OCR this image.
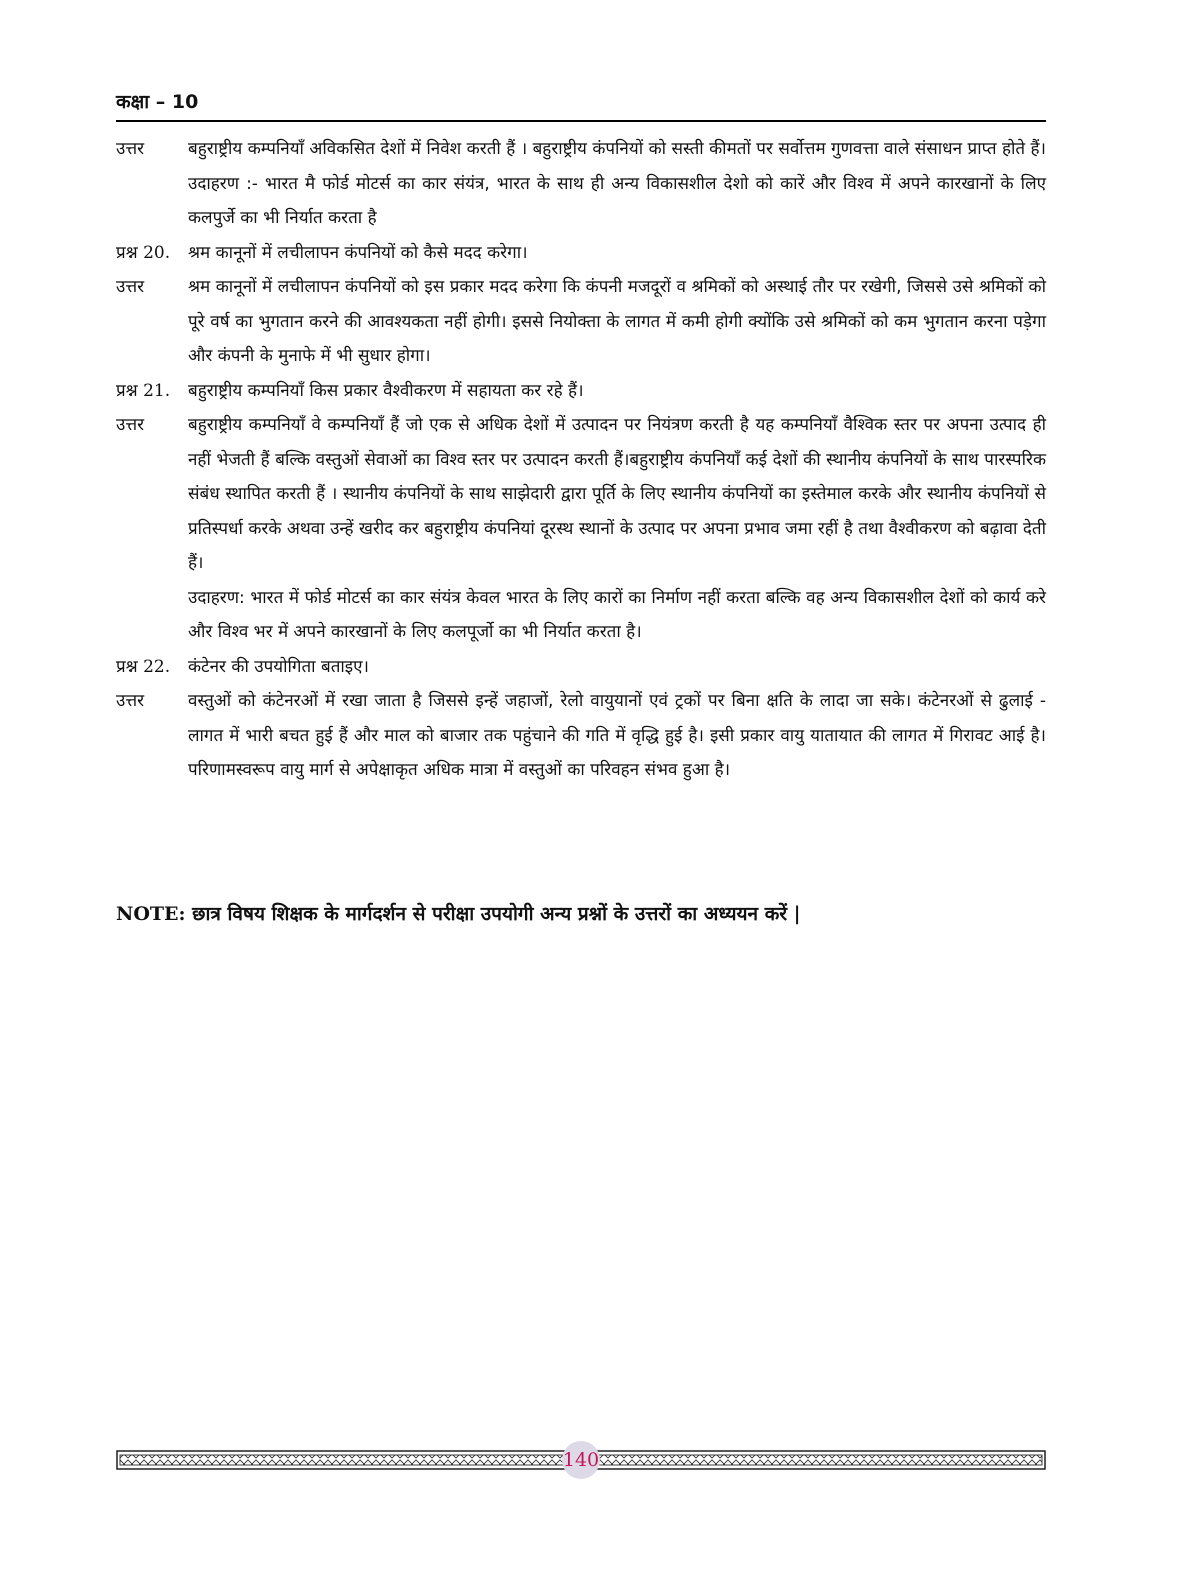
कक्षा – 10
उत्तर	बहुराष्ट्रीय कम्पनियाँ अविकसित देशों में निवेश करती हैं । बहुराष्ट्रीय कंपनियों को सस्ती कीमतों पर सर्वोत्तम गुणवत्ता वाले संसाधन प्राप्त होते हैं। उदाहरण :- भारत मै फोर्ड मोटर्स का कार संयंत्र, भारत के साथ ही अन्य विकासशील देशो को कारें और विश्व में अपने कारखानों के लिए कलपुर्जे का भी निर्यात करता है

प्रश्न 20.	श्रम कानूनों में लचीलापन कंपनियों को कैसे मदद करेगा।

उत्तर	श्रम कानूनों में लचीलापन कंपनियों को इस प्रकार मदद करेगा कि कंपनी मजदूरों व श्रमिकों को अस्थाई तौर पर रखेगी, जिससे उसे श्रमिकों को पूरे वर्ष का भुगतान करने की आवश्यकता नहीं होगी। इससे नियोक्ता के लागत में कमी होगी क्योंकि उसे श्रमिकों को कम भुगतान करना पड़ेगा और कंपनी के मुनाफे में भी सुधार होगा।

प्रश्न 21.	बहुराष्ट्रीय कम्पनियाँ किस प्रकार वैश्वीकरण में सहायता कर रहे हैं।

उत्तर	बहुराष्ट्रीय कम्पनियाँ वे कम्पनियाँ हैं जो एक से अधिक देशों में उत्पादन पर नियंत्रण करती है यह कम्पनियाँ वैश्विक स्तर पर अपना उत्पाद ही नहीं भेजती हैं बल्कि वस्तुओं सेवाओं का विश्व स्तर पर उत्पादन करती हैं।बहुराष्ट्रीय कंपनियाँ कई देशों की स्थानीय कंपनियों के साथ पारस्परिक संबंध स्थापित करती हैं । स्थानीय कंपनियों के साथ साझेदारी द्वारा पूर्ति के लिए स्थानीय कंपनियों का इस्तेमाल करके और स्थानीय कंपनियों से प्रतिस्पर्धा करके अथवा उन्हें खरीद कर बहुराष्ट्रीय कंपनियां दूरस्थ स्थानों के उत्पाद पर अपना प्रभाव जमा रहीं है तथा वैश्वीकरण को बढ़ावा देती हैं।

उदाहरण: भारत में फोर्ड मोटर्स का कार संयंत्र केवल भारत के लिए कारों का निर्माण नहीं करता बल्कि वह अन्य विकासशील देशों को कार्य करे और विश्व भर में अपने कारखानों के लिए कलपूर्जो का भी निर्यात करता है।

प्रश्न 22.	कंटेनर की उपयोगिता बताइए।

उत्तर	वस्तुओं को कंटेनरओं में रखा जाता है जिससे इन्हें जहाजों, रेलो वायुयानों एवं ट्रकों पर बिना क्षति के लादा जा सके। कंटेनरओं से ढुलाई - लागत में भारी बचत हुई हैं और माल को बाजार तक पहुंचाने की गति में वृद्धि हुई है। इसी प्रकार वायु यातायात की लागत में गिरावट आई है। परिणामस्वरूप वायु मार्ग से अपेक्षाकृत अधिक मात्रा में वस्तुओं का परिवहन संभव हुआ है।

NOTE: छात्र विषय शिक्षक के मार्गदर्शन से परीक्षा उपयोगी अन्य प्रश्नों के उत्तरों का अध्ययन करें |
140
